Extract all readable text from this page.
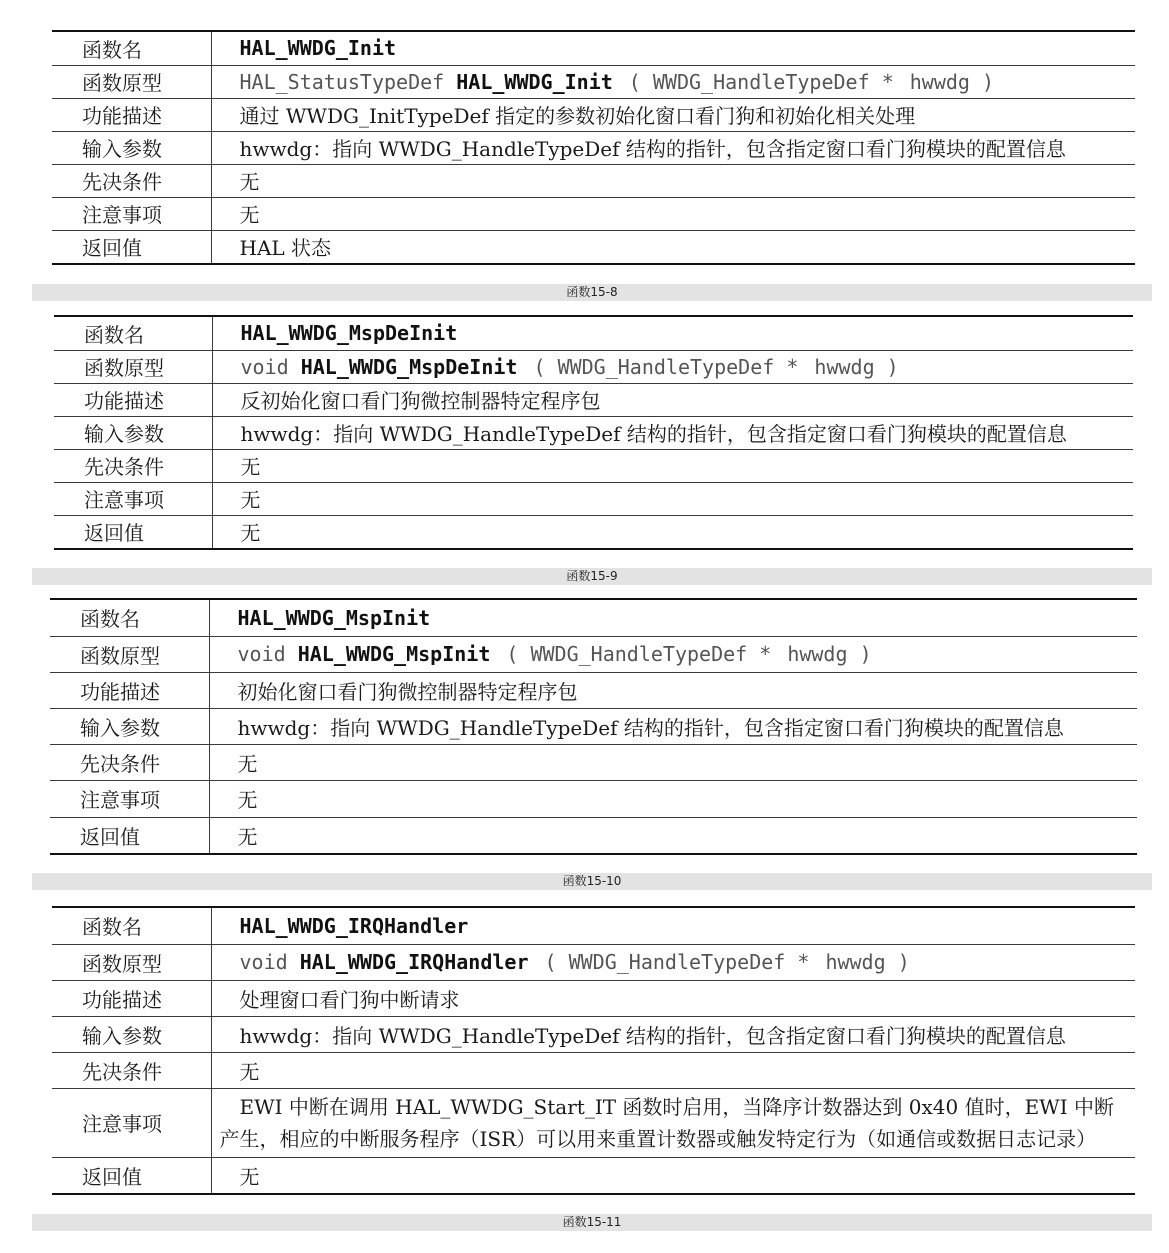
函数名	HAL_WWDG_Init
函数原型	HAL_StatusTypeDef HAL_WWDG_Init ( WWDG_HandleTypeDef * hwwdg )
功能描述	通过 WWDG_InitTypeDef 指定的参数初始化窗口看门狗和初始化相关处理
输入参数	hwwdg：指向 WWDG_HandleTypeDef 结构的指针，包含指定窗口看门狗模块的配置信息
先决条件	无
注意事项	无
返回值	HAL 状态
函数15-8
函数名	HAL_WWDG_MspDeInit
函数原型	void HAL_WWDG_MspDeInit ( WWDG_HandleTypeDef * hwwdg )
功能描述	反初始化窗口看门狗微控制器特定程序包
输入参数	hwwdg：指向 WWDG_HandleTypeDef 结构的指针，包含指定窗口看门狗模块的配置信息
先决条件	无
注意事项	无
返回值	无
函数15-9
函数名	HAL_WWDG_MspInit
函数原型	void HAL_WWDG_MspInit ( WWDG_HandleTypeDef * hwwdg )
功能描述	初始化窗口看门狗微控制器特定程序包
输入参数	hwwdg：指向 WWDG_HandleTypeDef 结构的指针，包含指定窗口看门狗模块的配置信息
先决条件	无
注意事项	无
返回值	无
函数15-10
函数名	HAL_WWDG_IRQHandler
函数原型	void HAL_WWDG_IRQHandler ( WWDG_HandleTypeDef * hwwdg )
功能描述	处理窗口看门狗中断请求
输入参数	hwwdg：指向 WWDG_HandleTypeDef 结构的指针，包含指定窗口看门狗模块的配置信息
先决条件	无
注意事项	EWI 中断在调用 HAL_WWDG_Start_IT 函数时启用，当降序计数器达到 0x40 值时，EWI 中断
产生，相应的中断服务程序（ISR）可以用来重置计数器或触发特定行为（如通信或数据日志记录）

返回值	无
函数15-11
